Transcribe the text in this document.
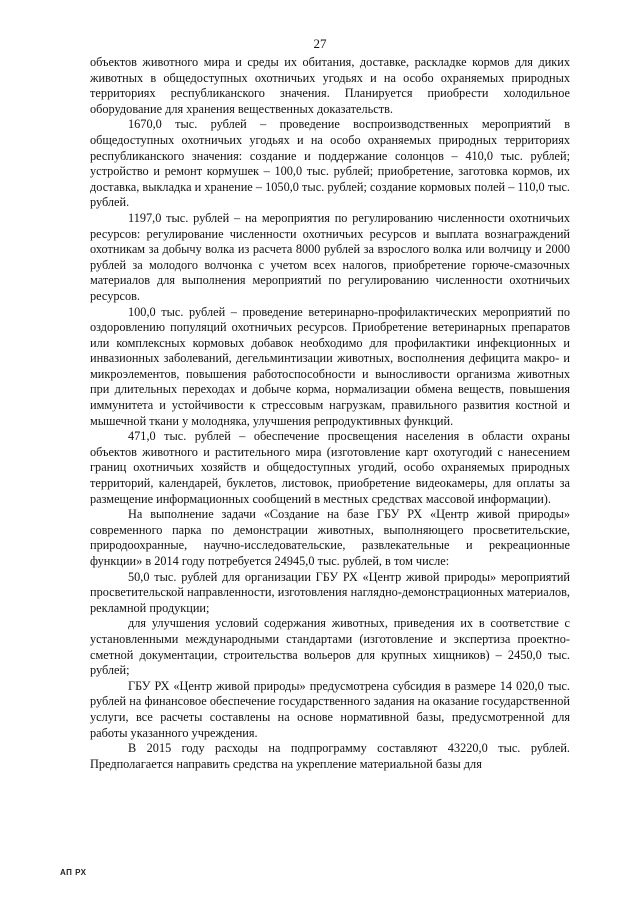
27

объектов животного мира и среды их обитания, доставке, раскладке кормов для диких животных в общедоступных охотничьих угодьях и на особо охраняемых природных территориях республиканского значения. Планируется приобрести холодильное оборудование для хранения вещественных доказательств.

1670,0 тыс. рублей – проведение воспроизводственных мероприятий в общедоступных охотничьих угодьях и на особо охраняемых природных территориях республиканского значения: создание и поддержание солонцов – 410,0 тыс. рублей; устройство и ремонт кормушек – 100,0 тыс. рублей; приобретение, заготовка кормов, их доставка, выкладка и хранение – 1050,0 тыс. рублей; создание кормовых полей – 110,0 тыс. рублей.

1197,0 тыс. рублей – на мероприятия по регулированию численности охотничьих ресурсов: регулирование численности охотничьих ресурсов и выплата вознаграждений охотникам за добычу волка из расчета 8000 рублей за взрослого волка или волчицу и 2000 рублей за молодого волчонка с учетом всех налогов, приобретение горюче-смазочных материалов для выполнения мероприятий по регулированию численности охотничьих ресурсов.

100,0 тыс. рублей – проведение ветеринарно-профилактических мероприятий по оздоровлению популяций охотничьих ресурсов. Приобретение ветеринарных препаратов или комплексных кормовых добавок необходимо для профилактики инфекционных и инвазионных заболеваний, дегельминтизации животных, восполнения дефицита макро- и микроэлементов, повышения работоспособности и выносливости организма животных при длительных переходах и добыче корма, нормализации обмена веществ, повышения иммунитета и устойчивости к стрессовым нагрузкам, правильного развития костной и мышечной ткани у молодняка, улучшения репродуктивных функций.

471,0 тыс. рублей – обеспечение просвещения населения в области охраны объектов животного и растительного мира (изготовление карт охотугодий с нанесением границ охотничьих хозяйств и общедоступных угодий, особо охраняемых природных территорий, календарей, буклетов, листовок, приобретение видеокамеры, для оплаты за размещение информационных сообщений в местных средствах массовой информации).

На выполнение задачи «Создание на базе ГБУ РХ «Центр живой природы» современного парка по демонстрации животных, выполняющего просветительские, природоохранные, научно-исследовательские, развлекательные и рекреационные функции» в 2014 году потребуется 24945,0 тыс. рублей, в том числе:

50,0 тыс. рублей для организации ГБУ РХ «Центр живой природы» мероприятий просветительской направленности, изготовления наглядно-демонстрационных материалов, рекламной продукции;

для улучшения условий содержания животных, приведения их в соответствие с установленными международными стандартами (изготовление и экспертиза проектно-сметной документации, строительства вольеров для крупных хищников) – 2450,0 тыс. рублей;

ГБУ РХ «Центр живой природы» предусмотрена субсидия в размере 14 020,0 тыс. рублей на финансовое обеспечение государственного задания на оказание государственной услуги, все расчеты составлены на основе нормативной базы, предусмотренной для работы указанного учреждения.

В 2015 году расходы на подпрограмму составляют 43220,0 тыс. рублей. Предполагается направить средства на укрепление материальной базы для

АП РХ
